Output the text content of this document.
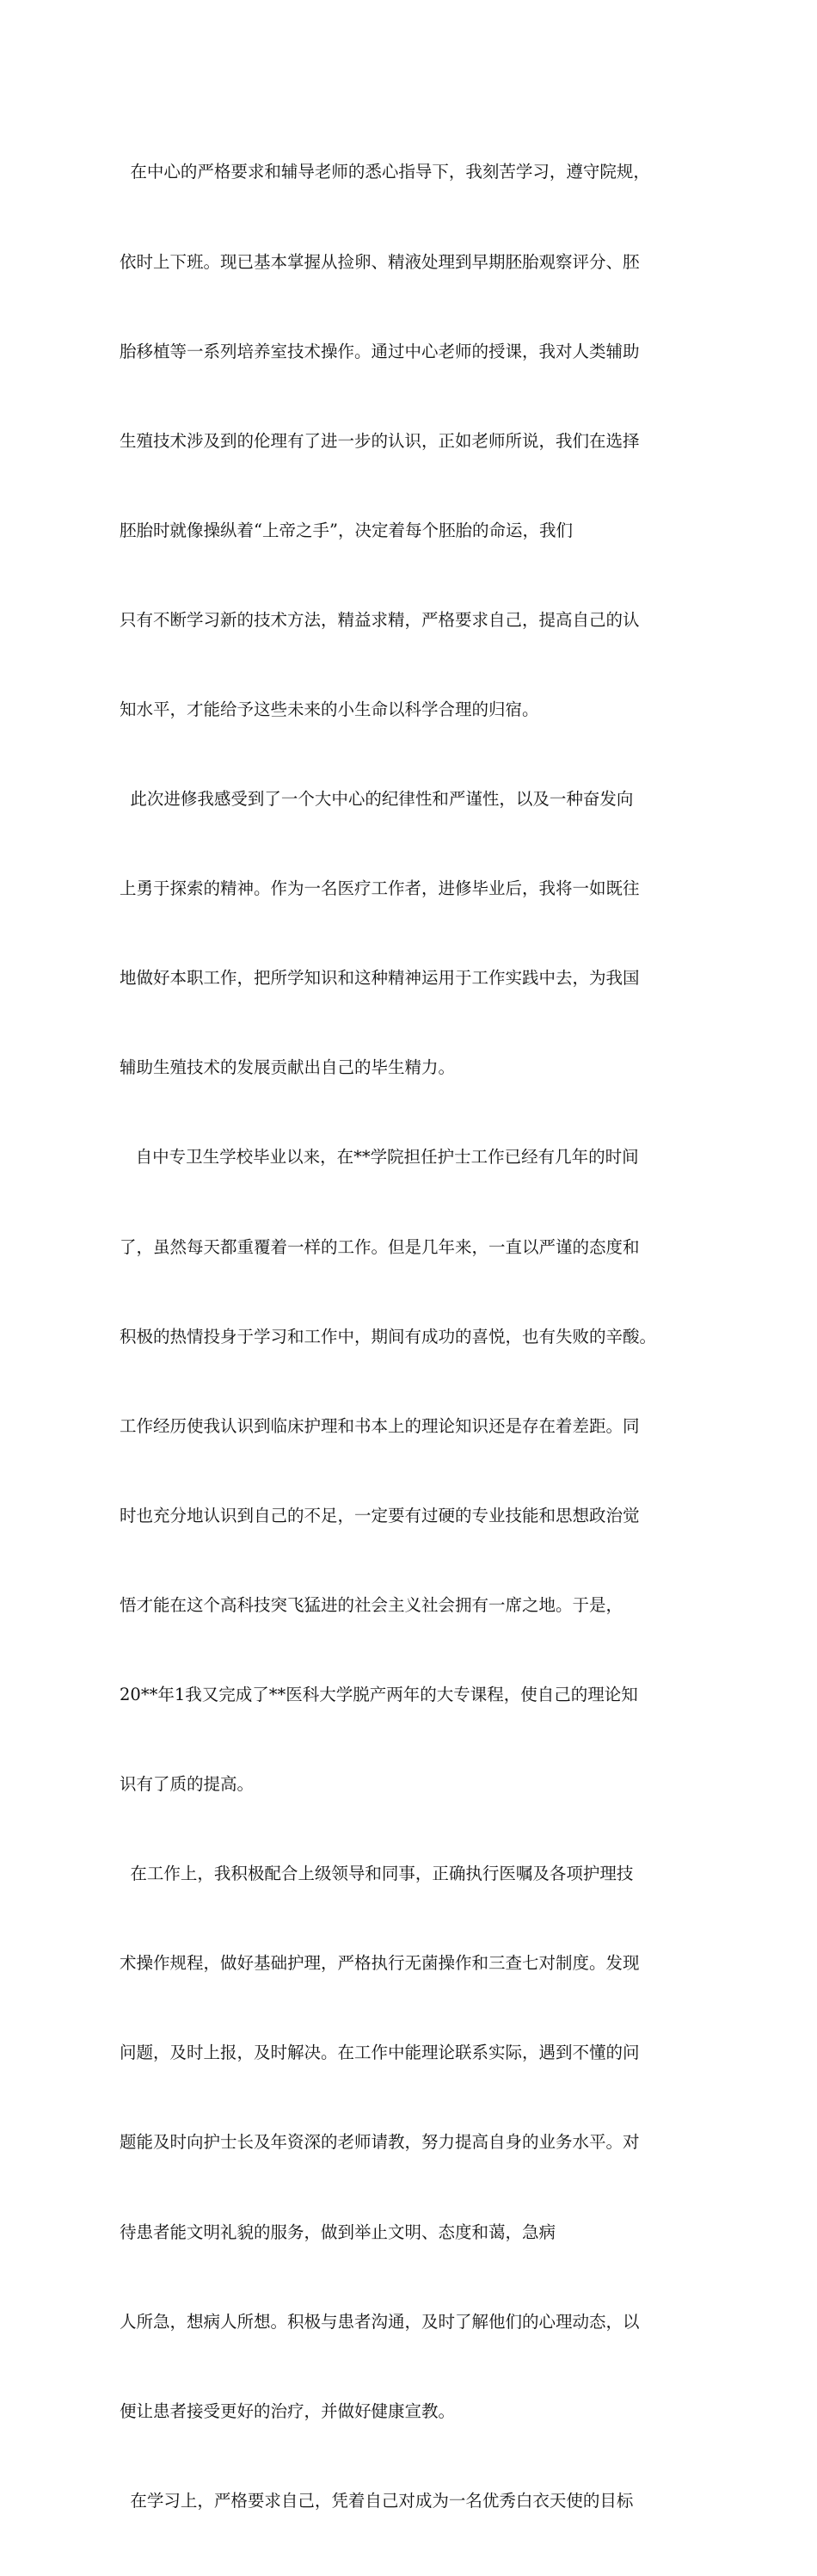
在中心的严格要求和辅导老师的悉心指导下，我刻苦学习，遵守院规，

依时上下班。现已基本掌握从捡卵、精液处理到早期胚胎观察评分、胚

胎移植等一系列培养室技术操作。通过中心老师的授课，我对人类辅助

生殖技术涉及到的伦理有了进一步的认识，正如老师所说，我们在选择

胚胎时就像操纵着“上帝之手”，决定着每个胚胎的命运，我们

只有不断学习新的技术方法，精益求精，严格要求自己，提高自己的认

知水平，才能给予这些未来的小生命以科学合理的归宿。

此次进修我感受到了一个大中心的纪律性和严谨性，以及一种奋发向

上勇于探索的精神。作为一名医疗工作者，进修毕业后，我将一如既往

地做好本职工作，把所学知识和这种精神运用于工作实践中去，为我国

辅助生殖技术的发展贡献出自己的毕生精力。

自中专卫生学校毕业以来，在**学院担任护士工作已经有几年的时间

了，虽然每天都重覆着一样的工作。但是几年来，一直以严谨的态度和

积极的热情投身于学习和工作中，期间有成功的喜悦，也有失败的辛酸。

工作经历使我认识到临床护理和书本上的理论知识还是存在着差距。同

时也充分地认识到自己的不足，一定要有过硬的专业技能和思想政治觉

悟才能在这个高科技突飞猛进的社会主义社会拥有一席之地。于是，

20**年1我又完成了**医科大学脱产两年的大专课程，使自己的理论知

识有了质的提高。

在工作上，我积极配合上级领导和同事，正确执行医嘱及各项护理技

术操作规程，做好基础护理，严格执行无菌操作和三查七对制度。发现

问题，及时上报，及时解决。在工作中能理论联系实际，遇到不懂的问

题能及时向护士长及年资深的老师请教，努力提高自身的业务水平。对

待患者能文明礼貌的服务，做到举止文明、态度和蔼，急病

人所急，想病人所想。积极与患者沟通，及时了解他们的心理动态，以

便让患者接受更好的治疗，并做好健康宣教。

在学习上，严格要求自己，凭着自己对成为一名优秀白衣天使的目标
